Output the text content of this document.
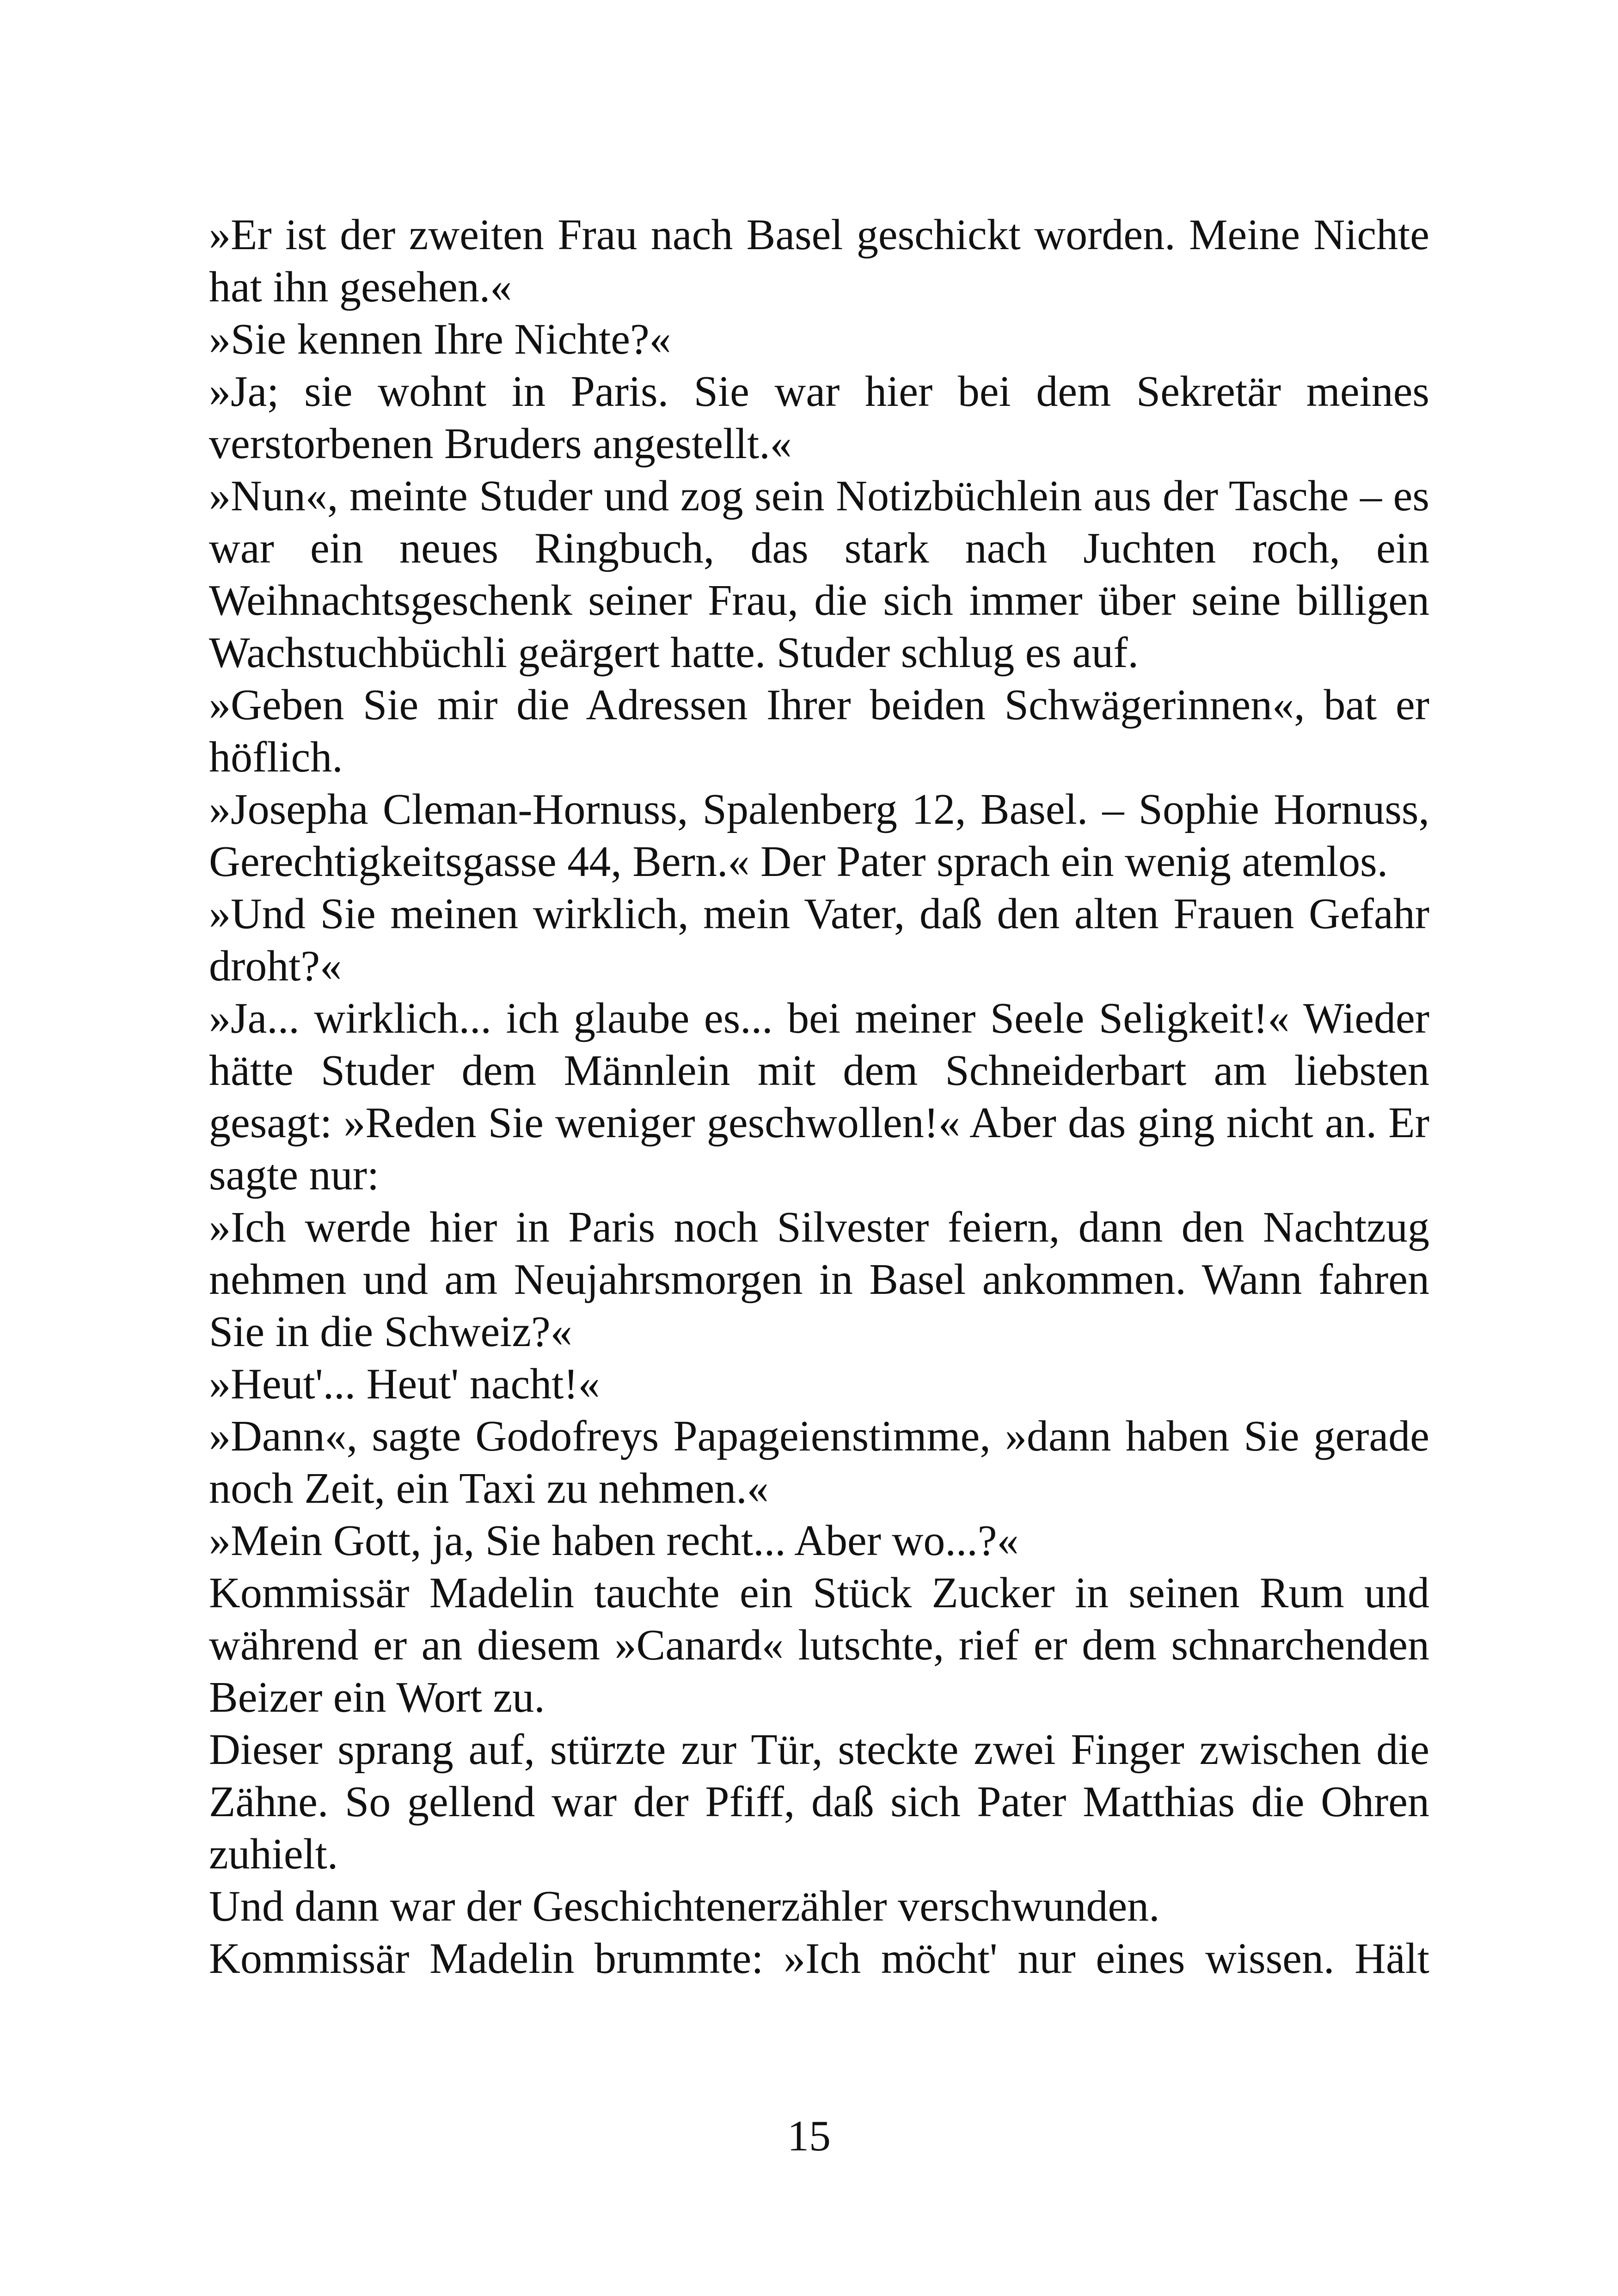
»Er ist der zweiten Frau nach Basel geschickt worden. Meine Nichte hat ihn gesehen.«

»Sie kennen Ihre Nichte?«

»Ja; sie wohnt in Paris. Sie war hier bei dem Sekretär meines verstorbenen Bruders angestellt.«

»Nun«, meinte Studer und zog sein Notizbüchlein aus der Tasche – es war ein neues Ringbuch, das stark nach Juchten roch, ein Weihnachtsgeschenk seiner Frau, die sich immer über seine billigen Wachstuchbüchli geärgert hatte. Studer schlug es auf.

»Geben Sie mir die Adressen Ihrer beiden Schwägerinnen«, bat er höflich.

»Josepha Cleman-Hornuss, Spalenberg 12, Basel. – Sophie Hornuss, Gerechtigkeitsgasse 44, Bern.« Der Pater sprach ein wenig atemlos.

»Und Sie meinen wirklich, mein Vater, daß den alten Frauen Gefahr droht?«

»Ja... wirklich... ich glaube es... bei meiner Seele Seligkeit!« Wieder hätte Studer dem Männlein mit dem Schneiderbart am liebsten gesagt: »Reden Sie weniger geschwollen!« Aber das ging nicht an. Er sagte nur:

»Ich werde hier in Paris noch Silvester feiern, dann den Nachtzug nehmen und am Neujahrsmorgen in Basel ankommen. Wann fahren Sie in die Schweiz?«

»Heut'... Heut' nacht!«

»Dann«, sagte Godofreys Papageienstimme, »dann haben Sie gerade noch Zeit, ein Taxi zu nehmen.«

»Mein Gott, ja, Sie haben recht... Aber wo...?«

Kommissär Madelin tauchte ein Stück Zucker in seinen Rum und während er an diesem »Canard« lutschte, rief er dem schnarchenden Beizer ein Wort zu.

Dieser sprang auf, stürzte zur Tür, steckte zwei Finger zwischen die Zähne. So gellend war der Pfiff, daß sich Pater Matthias die Ohren zuhielt.

Und dann war der Geschichtenerzähler verschwunden.

Kommissär Madelin brummte: »Ich möcht' nur eines wissen. Hält

15
